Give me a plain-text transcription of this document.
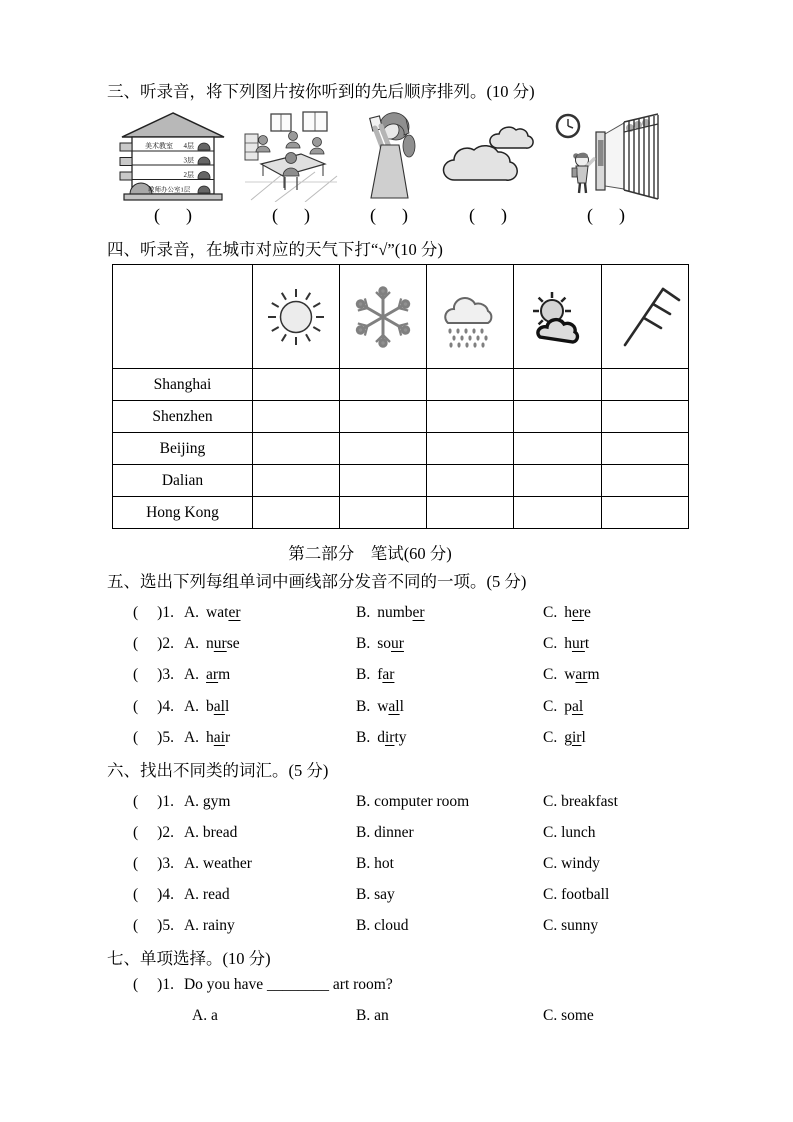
三、听录音，将下列图片按你听到的先后顺序排列。(10 分)
美术教室 4层
3层
2层
教师办公室1层
( )	( )	( )	( )	( )
四、听录音，在城市对应的天气下打“√”(10 分)

Shanghai					
Shenzhen					
Beijing					
Dalian					
Hong Kong					
第二部分　笔试(60 分)
五、选出下列每组单词中画线部分发音不同的一项。(5 分)
( )1. A. water	B. number	C. here
( )2. A. nurse	B. sour	C. hurt
( )3. A. arm	B. far	C. warm
( )4. A. ball	B. wall	C. pal
( )5. A. hair	B. dirty	C. girl
六、找出不同类的词汇。(5 分)
( )1. A. gym	B. computer room	C. breakfast
( )2. A. bread	B. dinner	C. lunch
( )3. A. weather	B. hot	C. windy
( )4. A. read	B. say	C. football
( )5. A. rainy	B. cloud	C. sunny
七、单项选择。(10 分)
( )1. Do you have ________ art room?
A. a	B. an	C. some
